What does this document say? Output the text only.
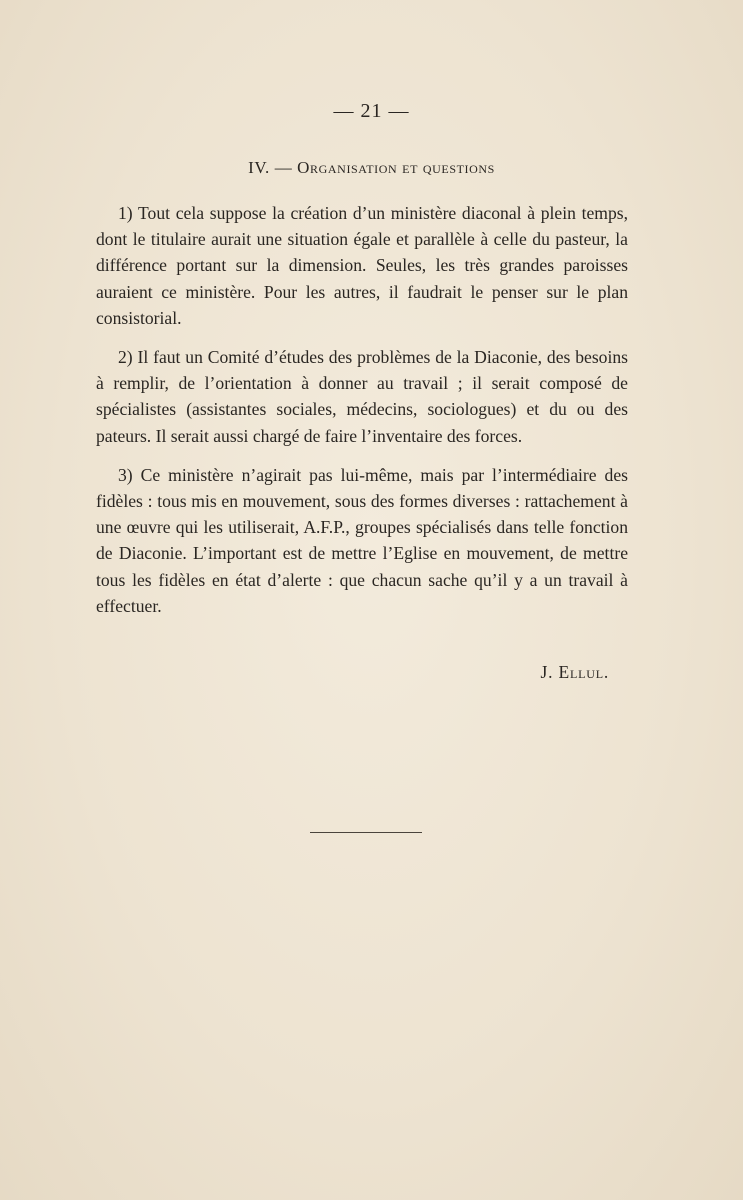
— 21 —
IV. — Organisation et questions

1) Tout cela suppose la création d’un ministère diaconal à plein temps, dont le titulaire aurait une situation égale et parallèle à celle du pasteur, la différence portant sur la dimension. Seules, les très grandes paroisses auraient ce ministère. Pour les autres, il faudrait le penser sur le plan consistorial.

2) Il faut un Comité d’études des problèmes de la Diaconie, des besoins à remplir, de l’orientation à donner au travail ; il serait composé de spécialistes (assistantes sociales, médecins, sociologues) et du ou des pateurs. Il serait aussi chargé de faire l’inventaire des forces.

3) Ce ministère n’agirait pas lui-même, mais par l’intermédiaire des fidèles : tous mis en mouvement, sous des formes diverses : rattachement à une œuvre qui les utiliserait, A.F.P., groupes spécialisés dans telle fonction de Diaconie. L’important est de mettre l’Eglise en mouvement, de mettre tous les fidèles en état d’alerte : que chacun sache qu’il y a un travail à effectuer.

J. Ellul.
